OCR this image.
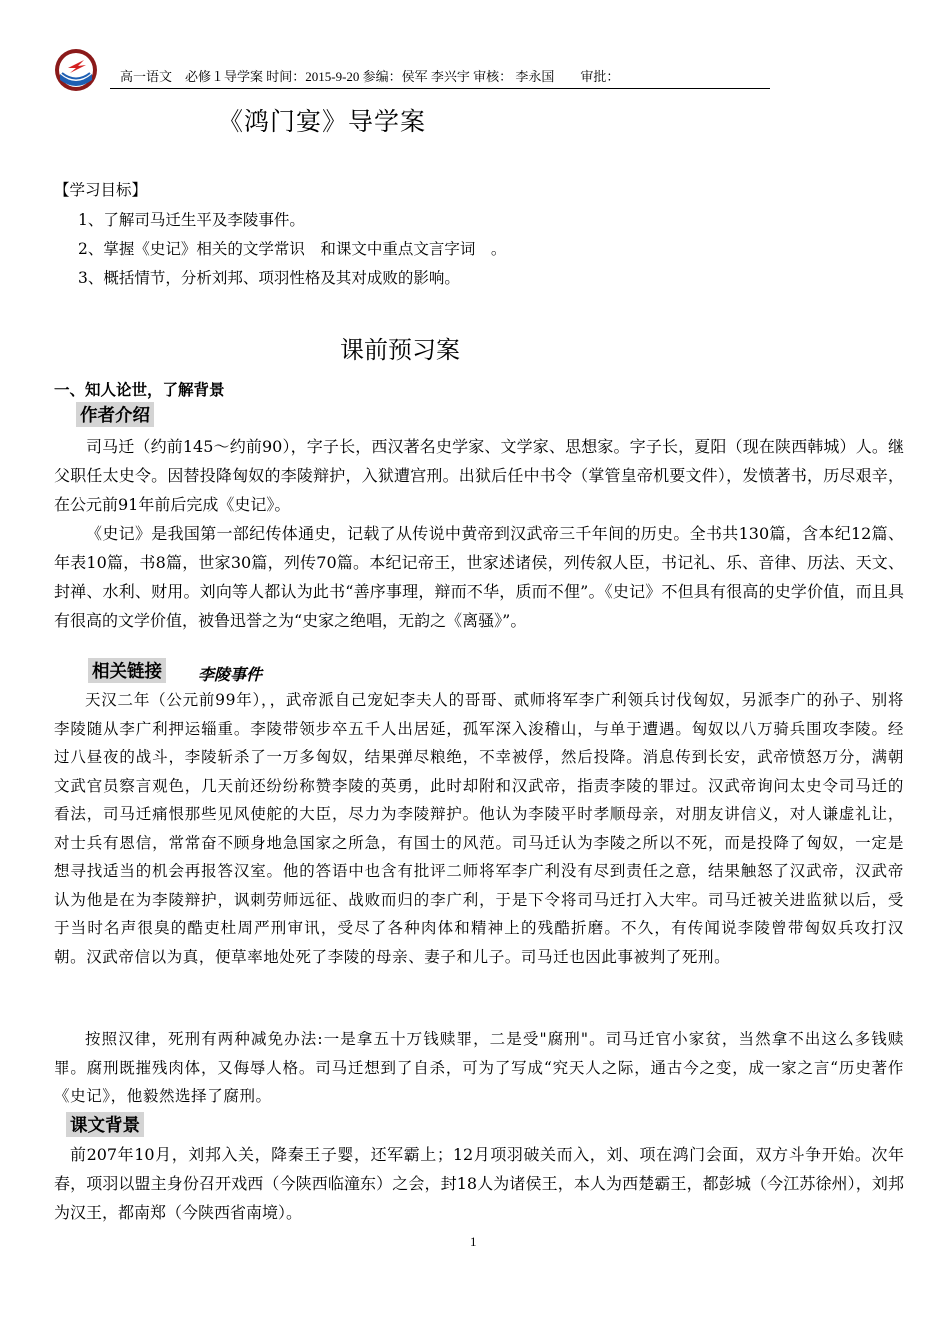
高一语文　必修１导学案 时间：2015-9-20 参编：侯军 李兴宇 审核： 李永国　　审批：
《鸿门宴》导学案
【学习目标】
1、了解司马迁生平及李陵事件。
2、掌握《史记》相关的文学常识　和课文中重点文言字词　。
3、概括情节，分析刘邦、项羽性格及其对成败的影响。
课前预习案
一、知人论世，了解背景
作者介绍

司马迁（约前145～约前90），字子长，西汉著名史学家、文学家、思想家。字子长，夏阳（现在陕西韩城）人。继父职任太史令。因替投降匈奴的李陵辩护，入狱遭宫刑。出狱后任中书令（掌管皇帝机要文件），发愤著书，历尽艰辛，在公元前91年前后完成《史记》。

《史记》是我国第一部纪传体通史，记载了从传说中黄帝到汉武帝三千年间的历史。全书共130篇，含本纪12篇、年表10篇，书8篇，世家30篇，列传70篇。本纪记帝王，世家述诸侯，列传叙人臣，书记礼、乐、音律、历法、天文、封禅、水利、财用。刘向等人都认为此书“善序事理，辩而不华，质而不俚”。《史记》不但具有很高的史学价值，而且具有很高的文学价值，被鲁迅誉之为“史家之绝唱，无韵之《离骚》”。

相关链接 李陵事件

天汉二年（公元前99年），，武帝派自己宠妃李夫人的哥哥、贰师将军李广利领兵讨伐匈奴，另派李广的孙子、别将李陵随从李广利押运辎重。李陵带领步卒五千人出居延，孤军深入浚稽山，与单于遭遇。匈奴以八万骑兵围攻李陵。经过八昼夜的战斗，李陵斩杀了一万多匈奴，结果弹尽粮绝，不幸被俘，然后投降。消息传到长安，武帝愤怒万分，满朝文武官员察言观色，几天前还纷纷称赞李陵的英勇，此时却附和汉武帝，指责李陵的罪过。汉武帝询问太史令司马迁的看法，司马迁痛恨那些见风使舵的大臣，尽力为李陵辩护。他认为李陵平时孝顺母亲，对朋友讲信义，对人谦虚礼让，对士兵有恩信，常常奋不顾身地急国家之所急，有国士的风范。司马迁认为李陵之所以不死，而是投降了匈奴，一定是想寻找适当的机会再报答汉室。他的答语中也含有批评二师将军李广利没有尽到责任之意，结果触怒了汉武帝，汉武帝认为他是在为李陵辩护，讽刺劳师远征、战败而归的李广利，于是下令将司马迁打入大牢。司马迁被关进监狱以后，受于当时名声很臭的酷吏杜周严刑审讯，受尽了各种肉体和精神上的残酷折磨。不久，有传闻说李陵曾带匈奴兵攻打汉朝。汉武帝信以为真，便草率地处死了李陵的母亲、妻子和儿子。司马迁也因此事被判了死刑。

按照汉律，死刑有两种减免办法:一是拿五十万钱赎罪，二是受"腐刑"。司马迁官小家贫，当然拿不出这么多钱赎罪。腐刑既摧残肉体，又侮辱人格。司马迁想到了自杀，可为了写成“究天人之际，通古今之变，成一家之言“历史著作《史记》，他毅然选择了腐刑。

课文背景

前207年10月，刘邦入关，降秦王子婴，还军霸上；12月项羽破关而入，刘、项在鸿门会面，双方斗争开始。次年春，项羽以盟主身份召开戏西（今陕西临潼东）之会，封18人为诸侯王，本人为西楚霸王，都彭城（今江苏徐州），刘邦为汉王，都南郑（今陕西省南境）。

1
